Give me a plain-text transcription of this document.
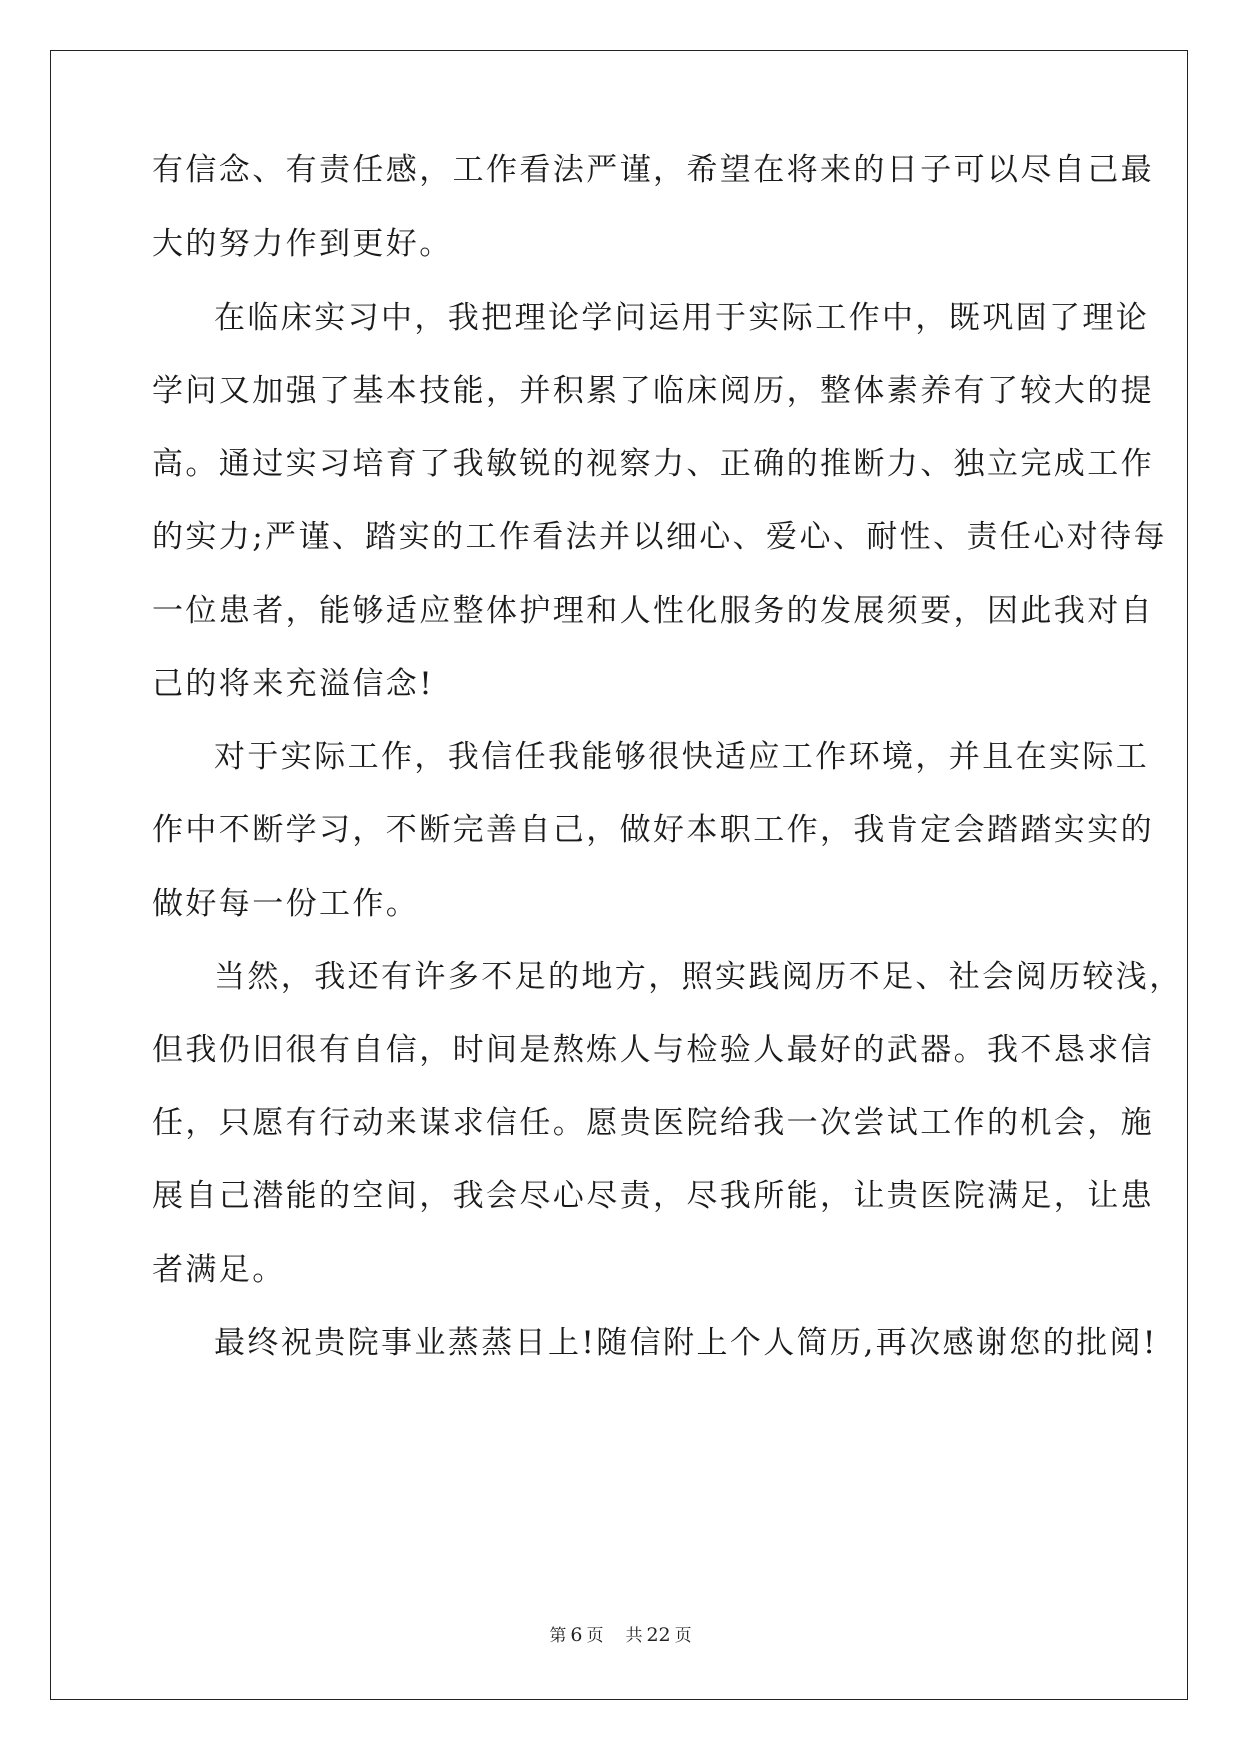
有信念、有责任感，工作看法严谨，希望在将来的日子可以尽自己最
大的努力作到更好。
在临床实习中，我把理论学问运用于实际工作中，既巩固了理论
学问又加强了基本技能，并积累了临床阅历，整体素养有了较大的提
高。通过实习培育了我敏锐的视察力、正确的推断力、独立完成工作
的实力;严谨、踏实的工作看法并以细心、爱心、耐性、责任心对待每
一位患者，能够适应整体护理和人性化服务的发展须要，因此我对自
己的将来充溢信念!
对于实际工作，我信任我能够很快适应工作环境，并且在实际工
作中不断学习，不断完善自己，做好本职工作，我肯定会踏踏实实的
做好每一份工作。
当然，我还有许多不足的地方，照实践阅历不足、社会阅历较浅，
但我仍旧很有自信，时间是熬炼人与检验人最好的武器。我不恳求信
任，只愿有行动来谋求信任。愿贵医院给我一次尝试工作的机会，施
展自己潜能的空间，我会尽心尽责，尽我所能，让贵医院满足，让患
者满足。
最终祝贵院事业蒸蒸日上!随信附上个人简历,再次感谢您的批阅!
第 6 页 共 22 页
